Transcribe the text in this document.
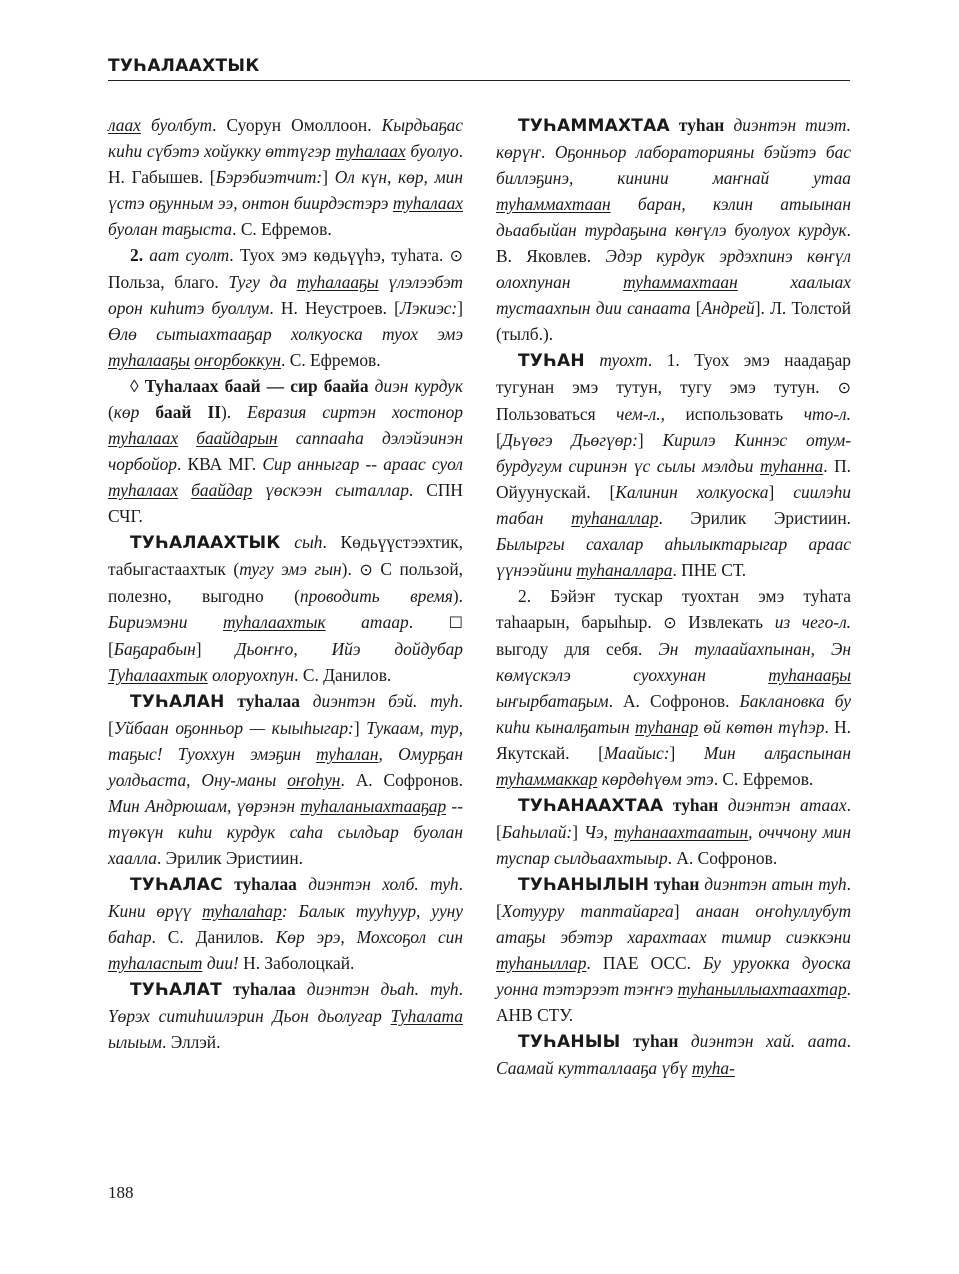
ТУҺАЛААХТЫК

лаах буолбут. Суорун Омоллоон. Кырдьаҕас киһи сүбэтэ хойукку өттүгэр туһалаах буолуо. Н. Габышев. [Бэрэбиэтчит:] Ол күн, көр, мин үстэ оҕунным ээ, онтон биирдэстэрэ туһалаах буолан таҕыста. С. Ефремов.

2. аат суолт. Туох эмэ көдьүүһэ, туһата. ⊙ Польза, благо. Тугу да туһалааҕы үлэлээбэт орон киһитэ буоллум. Н. Неустроев. [Лэкиэс:] Өлө сытыахтааҕар холкуоска туох эмэ туһалааҕы оҥорбоккун. С. Ефремов.

◊ Туһалаах баай — сир баайа диэн курдук (көр баай II). Евразия сиртэн хостонор туһалаах баайдарын саппааһа дэлэйэинэн чорбойор. КВА МГ. Сир анныгар -- араас суол туһалаах баайдар үөскээн сыталлар. СПН СЧГ.

ТУҺАЛААХТЫК сыһ. Көдьүүстээхтик, табыгастаахтык (тугу эмэ гын). ⊙ С пользой, полезно, выгодно (проводить время). Бириэмэни туһалаахтык атаар. ☐ [Баҕарабын] Дьоҥҥо, Ийэ дойдубар Туһалаахтык олоруохпун. С. Данилов.

ТУҺАЛАН туһалаа диэнтэн бэй. туһ. [Уйбаан оҕонньор — кыыһыгар:] Тукаам, тур, таҕыс! Туоххун эмэҕин туһалан, Омурҕан уолдьаста, Ону-маны оҥоһун. А. Софронов. Мин Андрюшам, үөрэнэн туһаланыахтааҕар -- түөкүн киһи курдук саһа сылдьар буолан хаалла. Эрилик Эристиин.

ТУҺАЛАС туһалаа диэнтэн холб. туһ. Кини өрүү туһалаһар: Балык тууһуур, ууну баһар. С. Данилов. Көр эрэ, Мохсоҕол син туһаласпыт дии! Н. Заболоцкай.

ТУҺАЛАТ туһалаа диэнтэн дьаһ. туһ. Үөрэх ситиһиилэрин Дьон дьолугар Туһалата ылыым. Эллэй.

ТУҺАММАХТАА туһан диэнтэн тиэт. көрүҥ. Оҕонньор лабораторияны бэйэтэ бас биллэҕинэ, кинини маҥнай утаа туһаммахтаан баран, кэлин атыынан дьаабыйан турдаҕына көҥүлэ буолуох курдук. В. Яковлев. Эдэр курдук эрдэхпинэ көҥүл олохпунан туһаммахтаан хаалыах тустаахпын дии санаата [Андрей]. Л. Толстой (тылб.).

ТУҺАН туохт. 1. Туох эмэ наадаҕар тугунан эмэ тутун, тугу эмэ тутун. ⊙ Пользоваться чем-л., использовать что-л. [Дьүөгэ Дьөгүөр:] Кирилэ Киннэс отум-бурдугум сиринэн үс сылы мэлдьи туһанна. П. Ойуунускай. [Калинин холкуоска] сиилэһи табан туһаналлар. Эрилик Эристиин. Былыргы сахалар аһылыктарыгар араас үүнээйини туһаналлара. ПНЕ СТ.

2. Бэйэҥ тускар туохтан эмэ туһата таһаарын, барыһыр. ⊙ Извлекать из чего-л. выгоду для себя. Эн тулаайахпынан, Эн көмүскэлэ суоххунан туһанааҕы ыҥырбатаҕым. А. Софронов. Баклановка бу киһи кыналҕатын туһанар өй көтөн түһэр. Н. Якутскай. [Маайыс:] Мин алҕаспынан туһаммаккар көрдөһүөм этэ. С. Ефремов.

ТУҺАНААХТАА туһан диэнтэн атаах. [Баһылай:] Чэ, туһанаахтаатын, очччону мин туспар сылдьаахтыыр. А. Софронов.

ТУҺАНЫЛЫН туһан диэнтэн атын туһ. [Хотууру таптайарга] анаан оҥоһуллубут атаҕы эбэтэр харахтаах тимир сиэккэни туһаныллар. ПАЕ ОСС. Бу уруокка дуоска уонна тэтэрээт тэҥҥэ туһаныллыахтаахтар. АНВ СТУ.

ТУҺАНЫЫ туһан диэнтэн хай. аата. Саамай кутталлааҕа үбү туһа-

188
